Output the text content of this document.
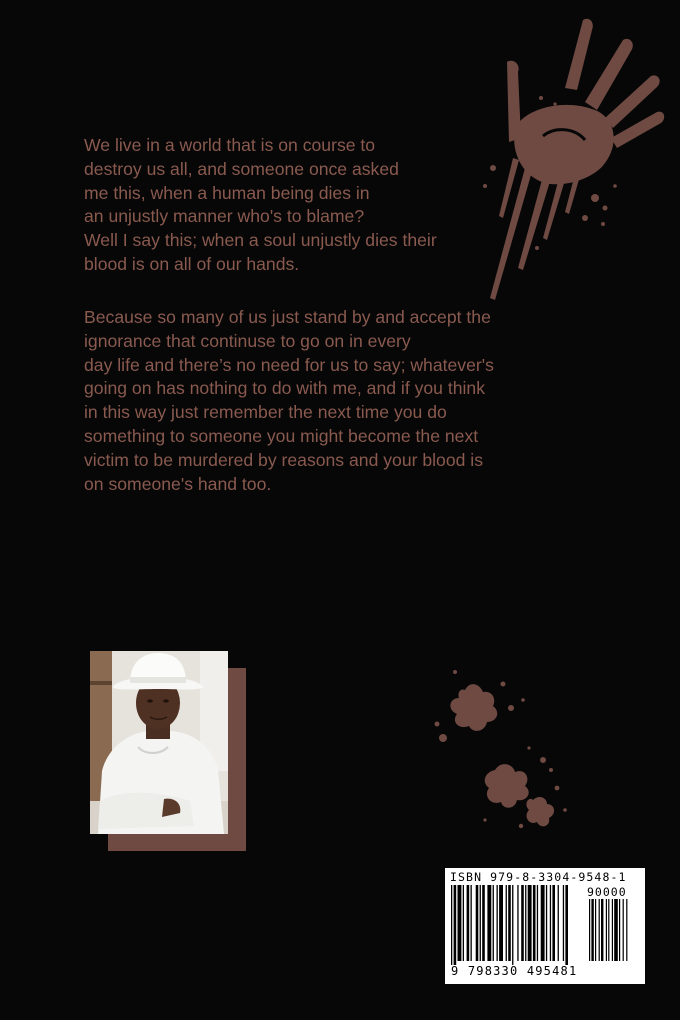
We live in a world that is on course to
destroy us all, and someone once asked
me this, when a human being dies in
an unjustly manner who's to blame?
Well I say this; when a soul unjustly dies their
blood is on all of our hands.

Because so many of us just stand by and accept the
ignorance that continuse to go on in every
day life and there’s no need for us to say; whatever's
going on has nothing to do with me, and if you think
in this way just remember the next time you do
something to someone you might become the next
victim to be murdered by reasons and your blood is
on someone's hand too.

ISBN 979-8-3304-9548-1
90000
9 798330 495481
